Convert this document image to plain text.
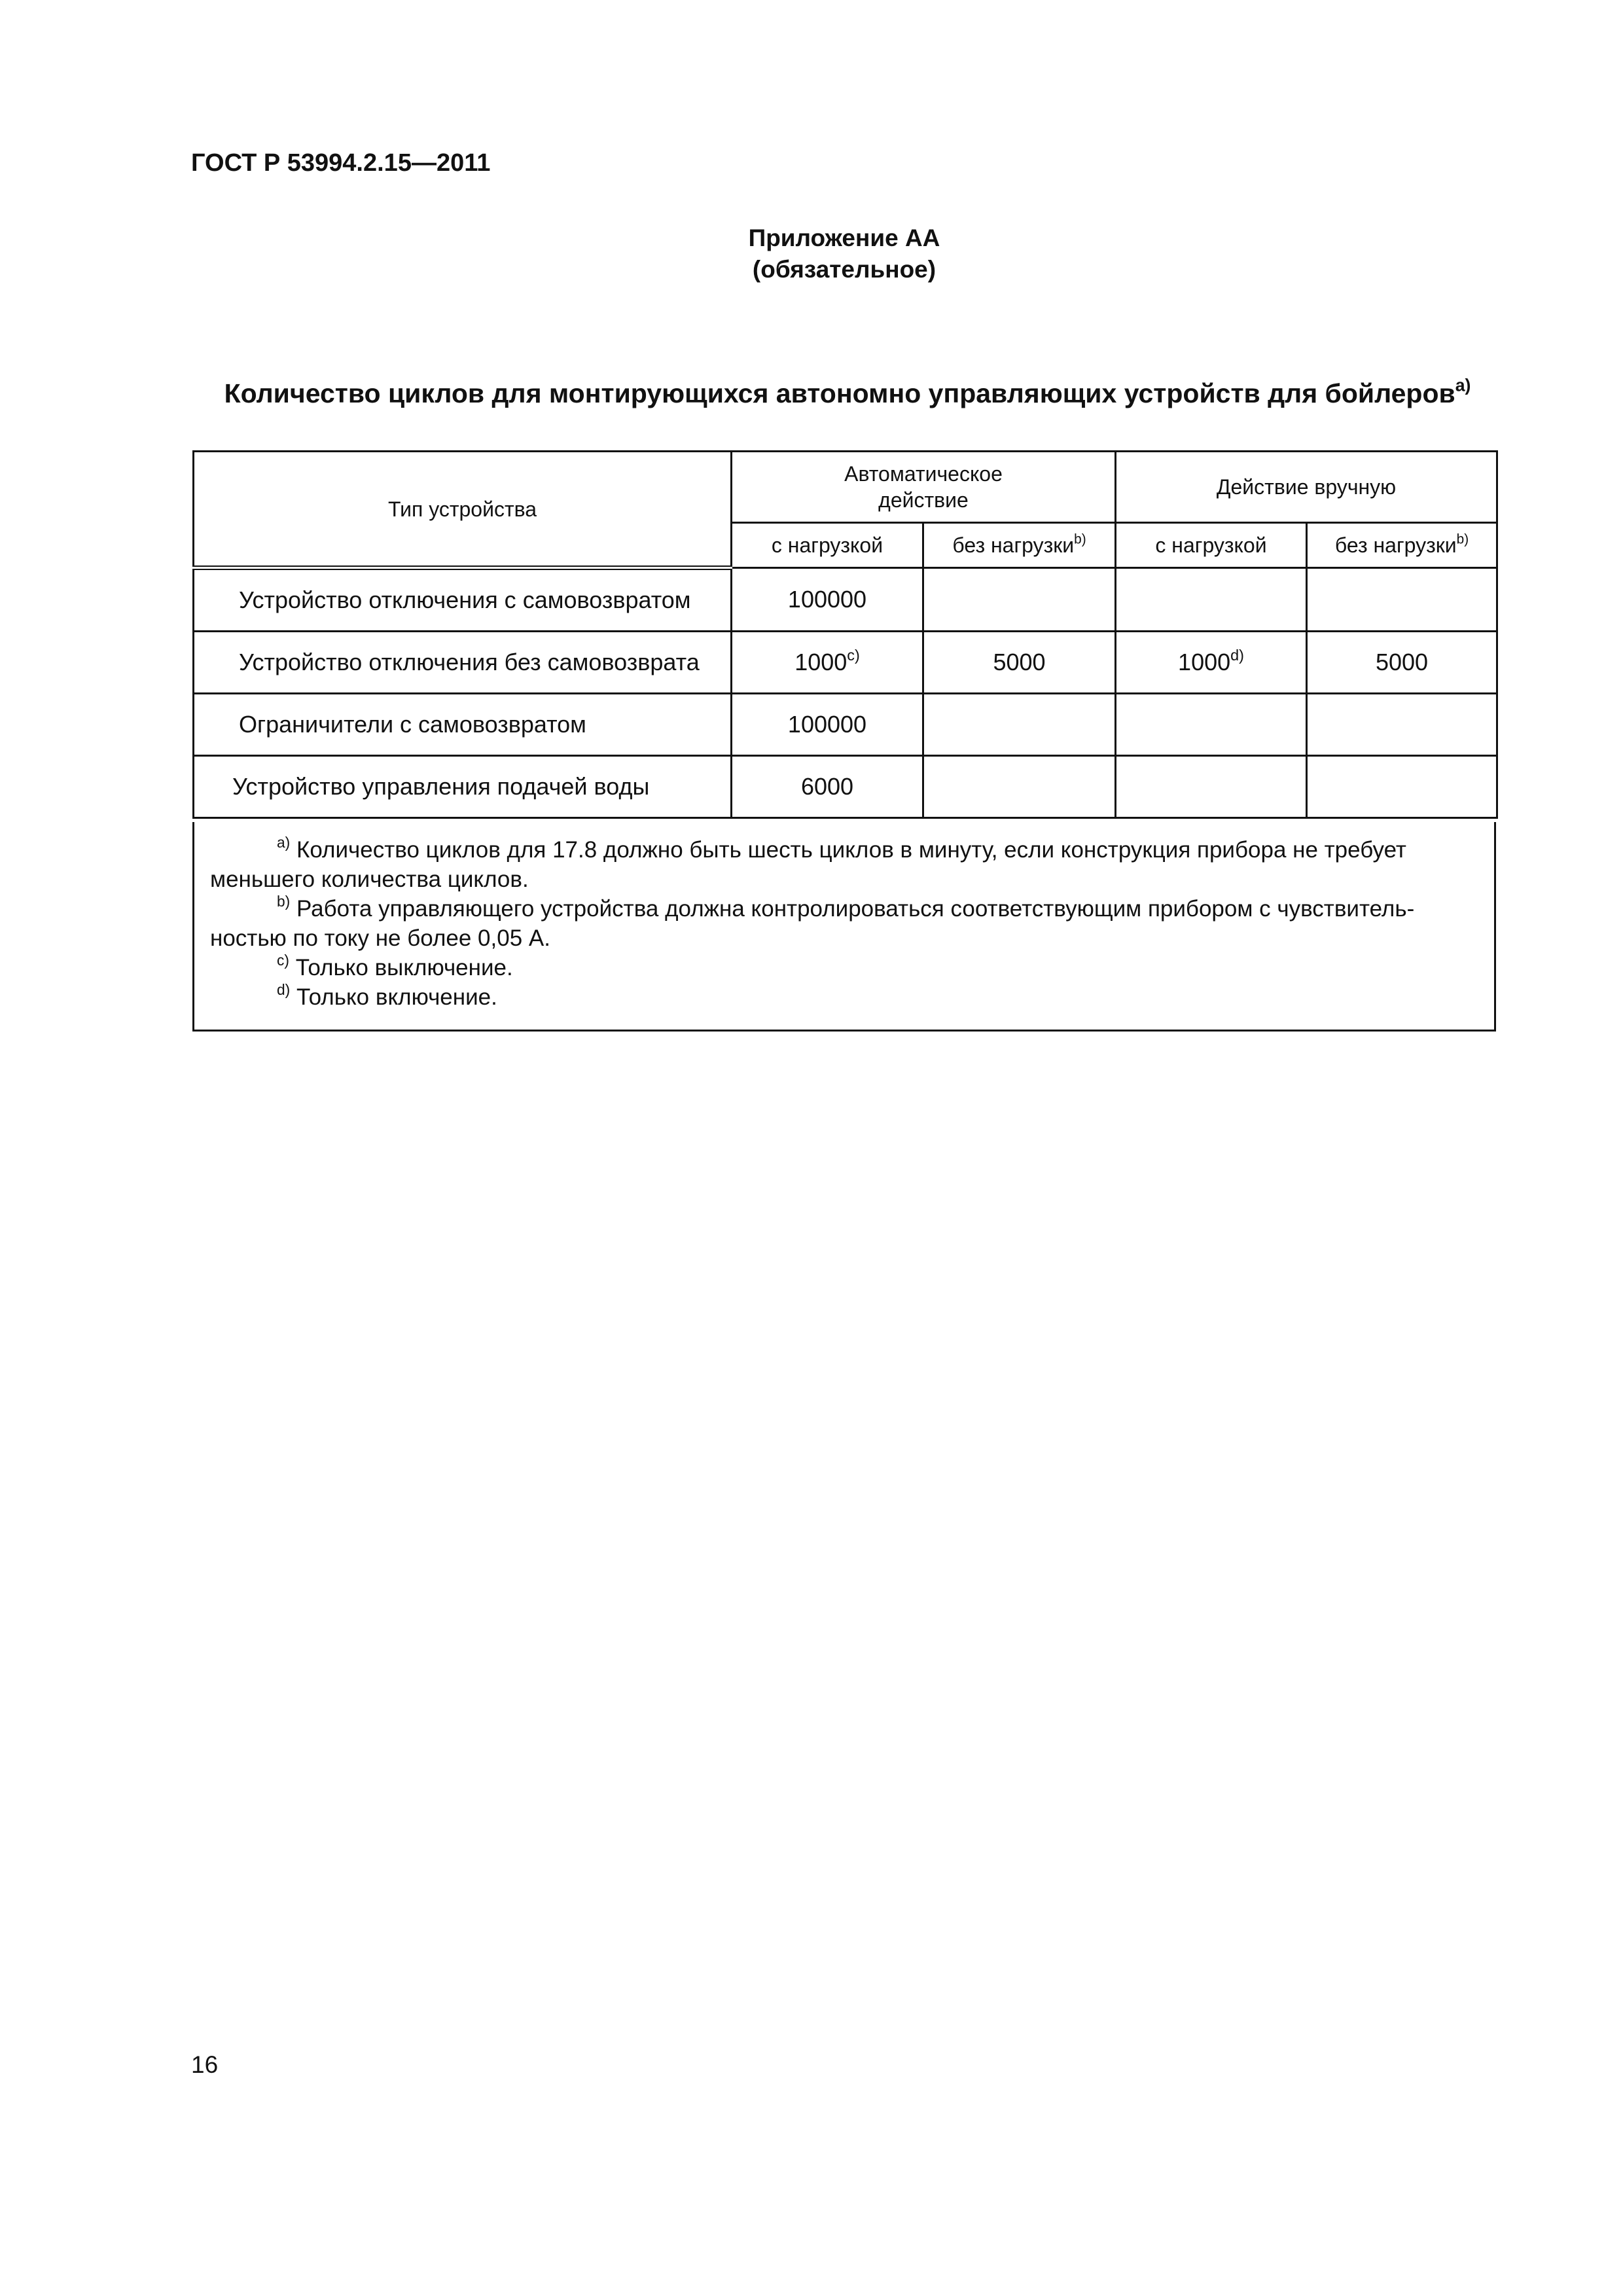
ГОСТ Р 53994.2.15—2011
Приложение АА
(обязательное)
Количество циклов для монтирующихся автономно управляющих устройств для бойлеров$^{a)}$
Тип устройства	Автоматическое действие		Действие вручную	
	с нагрузкой	без нагрузки$^{b)}$	с нагрузкой	без нагрузки$^{b)}$
Устройство отключения с самовозвратом	100000			
Устройство отключения без самовозврата	1000$^{c)}$	5000	1000$^{d)}$	5000
Ограничители с самовозвратом	100000			
Устройство управления подачей воды	6000			
$^{a)}$ Количество циклов для 17.8 должно быть шесть циклов в минуту, если конструкция прибора не требует
меньшего количества циклов.
$^{b)}$ Работа управляющего устройства должна контролироваться соответствующим прибором с чувствитель-
ностью по току не более 0,05 А.
$^{c)}$ Только выключение.
$^{d)}$ Только включение.
16
